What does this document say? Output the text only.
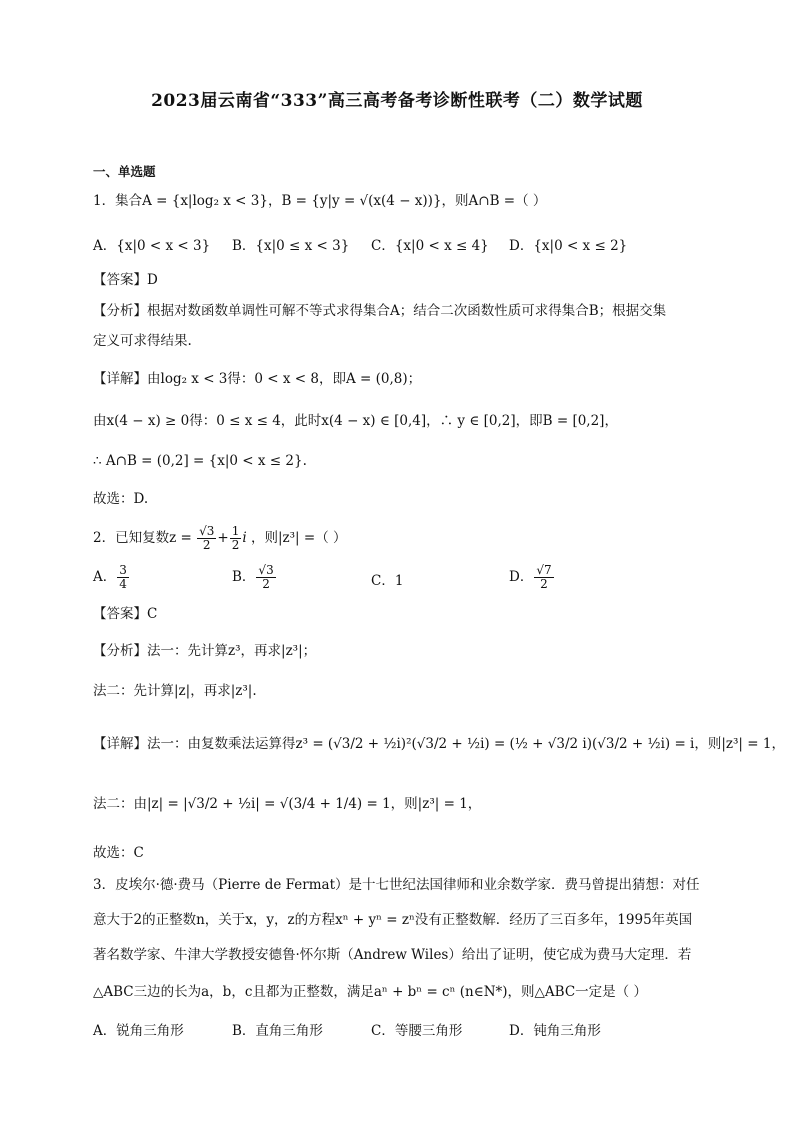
2023届云南省“333”高三高考备考诊断性联考（二）数学试题
一、单选题
1．集合A = {x|log₂ x < 3}，B = {y|y = √(x(4 − x))}，则A∩B =（ ）
A．{x|0 < x < 3} B．{x|0 ≤ x < 3} C．{x|0 < x ≤ 4} D．{x|0 < x ≤ 2}
【答案】D
【分析】根据对数函数单调性可解不等式求得集合A；结合二次函数性质可求得集合B；根据交集
定义可求得结果.
【详解】由log₂ x < 3得：0 < x < 8，即A = (0,8)；
由x(4 − x) ≥ 0得：0 ≤ x ≤ 4，此时x(4 − x) ∈ [0,4]，∴ y ∈ [0,2]，即B = [0,2]，
∴ A∩B = (0,2] = {x|0 < x ≤ 2}.
故选：D.
2．已知复数$z = \frac{√3}{2} + \frac{1}{2}$ i ，则|z³| =（ ）
A． $\frac{3}{4}$	B． $\frac{√3}{2}$	C．1	D． $\frac{√7}{2}$
【答案】C
【分析】法一：先计算z³，再求|z³|；
法二：先计算|z|，再求|z³|.
【详解】法一：由复数乘法运算得z³ = (√3/2 + ½i)²(√3/2 + ½i) = (½ + √3/2 i)(√3/2 + ½i) = i，则|z³| = 1，
法二：由|z| = |√3/2 + ½i| = √(3/4 + 1/4) = 1，则|z³| = 1，
故选：C
3．皮埃尔·德·费马（Pierre de Fermat）是十七世纪法国律师和业余数学家．费马曾提出猜想：对任
意大于2的正整数n，关于x，y，z的方程xⁿ + yⁿ = zⁿ没有正整数解．经历了三百多年，1995年英国
著名数学家、牛津大学教授安德鲁·怀尔斯（Andrew Wiles）给出了证明，使它成为费马大定理．若
△ABC三边的长为a，b，c且都为正整数，满足aⁿ + bⁿ = cⁿ (n∈N*)，则△ABC一定是（ ）
A．锐角三角形	B．直角三角形	C．等腰三角形	D．钝角三角形
